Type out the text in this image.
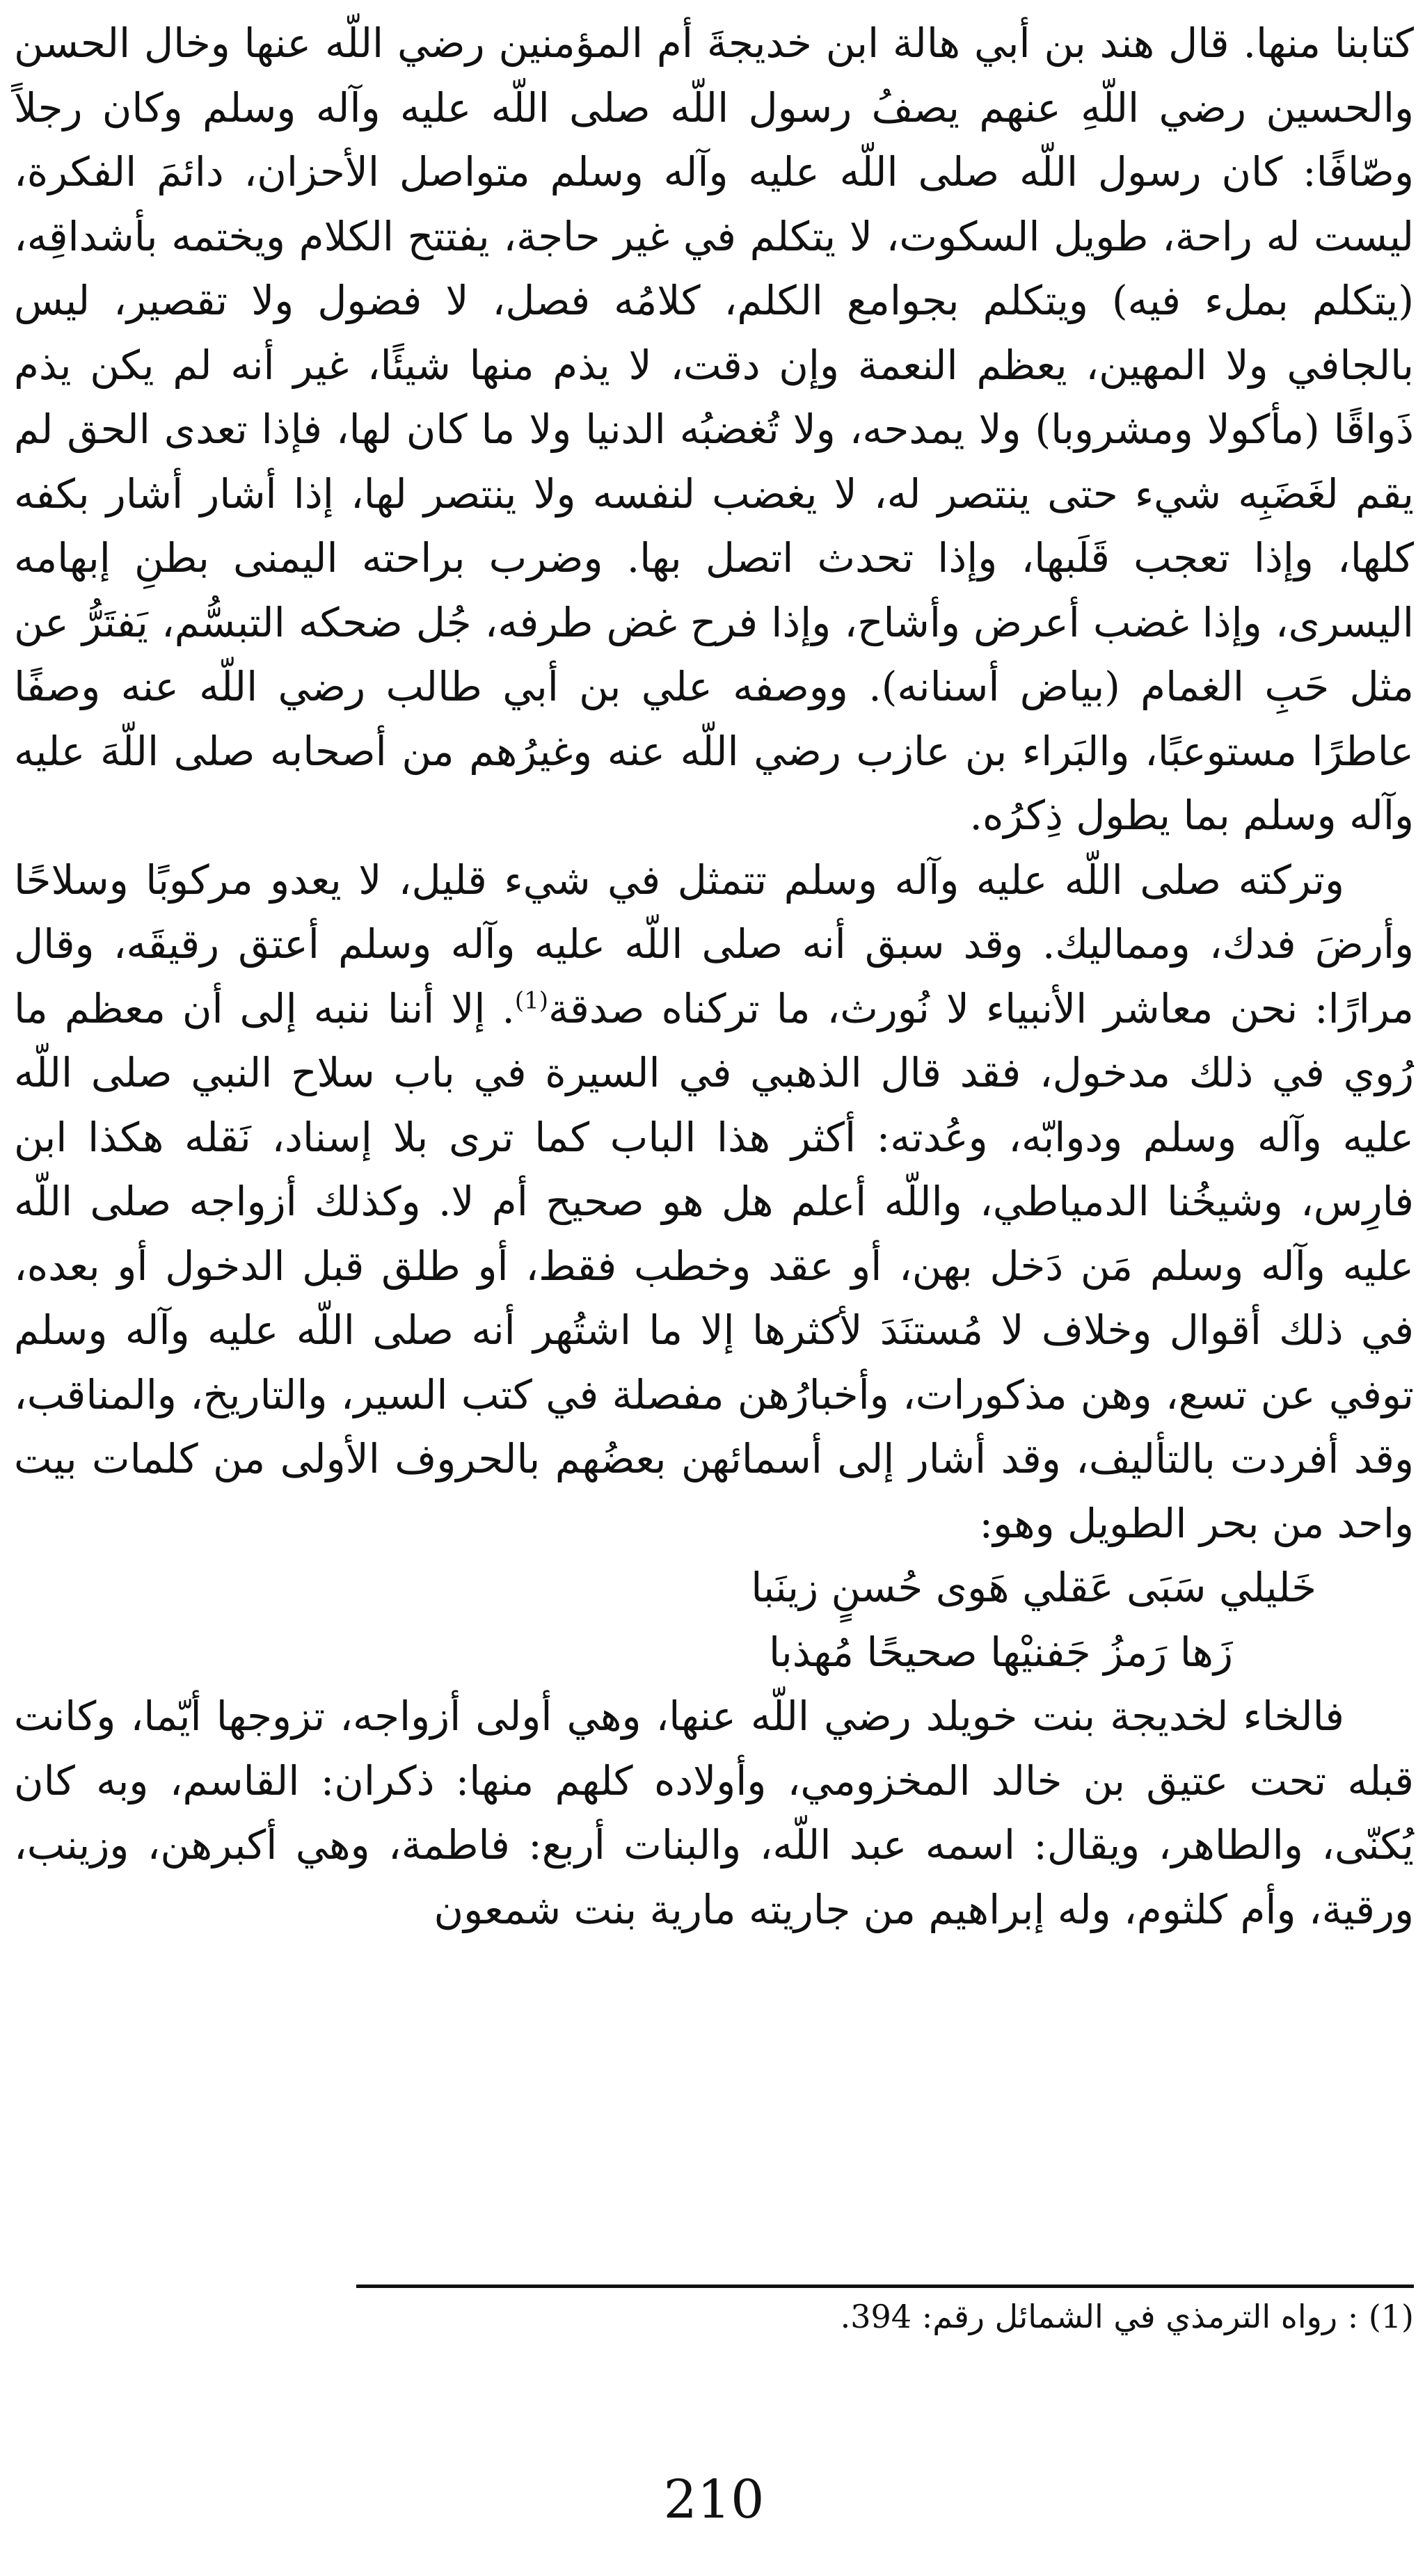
كتابنا منها. قال هند بن أبي هالة ابن خديجةَ أم المؤمنين رضي اللّه عنها وخال الحسن والحسين رضي اللّهِ عنهم يصفُ رسول اللّه صلى اللّه عليه وآله وسلم وكان رجلاً وصّافًا: كان رسول اللّه صلى اللّه عليه وآله وسلم متواصل الأحزان، دائمَ الفكرة، ليست له راحة، طويل السكوت، لا يتكلم في غير حاجة، يفتتح الكلام ويختمه بأشداقِه، (يتكلم بملء فيه) ويتكلم بجوامع الكلم، كلامُه فصل، لا فضول ولا تقصير، ليس بالجافي ولا المهين، يعظم النعمة وإن دقت، لا يذم منها شيئًا، غير أنه لم يكن يذم ذَواقًا (مأكولا ومشروبا) ولا يمدحه، ولا تُغضبُه الدنيا ولا ما كان لها، فإذا تعدى الحق لم يقم لغَضَبِه شيء حتى ينتصر له، لا يغضب لنفسه ولا ينتصر لها، إذا أشار أشار بكفه كلها، وإذا تعجب قَلَبها، وإذا تحدث اتصل بها. وضرب براحته اليمنى بطنِ إبهامه اليسرى، وإذا غضب أعرض وأشاح، وإذا فرح غض طرفه، جُل ضحكه التبسُّم، يَفتَرُّ عن مثل حَبِ الغمام (بياض أسنانه). ووصفه علي بن أبي طالب رضي اللّه عنه وصفًا عاطرًا مستوعبًا، والبَراء بن عازب رضي اللّه عنه وغيرُهم من أصحابه صلى اللّهَ عليه وآله وسلم بما يطول ذِكرُه.

وتركته صلى اللّه عليه وآله وسلم تتمثل في شيء قليل، لا يعدو مركوبًا وسلاحًا وأرضَ فدك، ومماليك. وقد سبق أنه صلى اللّه عليه وآله وسلم أعتق رقيقَه، وقال مرارًا: نحن معاشر الأنبياء لا نُورث، ما تركناه صدقة$^{(1)}$. إلا أننا ننبه إلى أن معظم ما رُوي في ذلك مدخول، فقد قال الذهبي في السيرة في باب سلاح النبي صلى اللّه عليه وآله وسلم ودوابّه، وعُدته: أكثر هذا الباب كما ترى بلا إسناد، نَقله هكذا ابن فارِس، وشيخُنا الدمياطي، واللّه أعلم هل هو صحيح أم لا. وكذلك أزواجه صلى اللّه عليه وآله وسلم مَن دَخل بهن، أو عقد وخطب فقط، أو طلق قبل الدخول أو بعده، في ذلك أقوال وخلاف لا مُستنَدَ لأكثرها إلا ما اشتُهر أنه صلى اللّه عليه وآله وسلم توفي عن تسع، وهن مذكورات، وأخبارُهن مفصلة في كتب السير، والتاريخ، والمناقب، وقد أفردت بالتأليف، وقد أشار إلى أسمائهن بعضُهم بالحروف الأولى من كلمات بيت واحد من بحر الطويل وهو:

خَليلي سَبَى عَقلي هَوى حُسنٍ زينَبا

زَها رَمزُ جَفنيْها صحيحًا مُهذبا

فالخاء لخديجة بنت خويلد رضي اللّه عنها، وهي أولى أزواجه، تزوجها أيّما، وكانت قبله تحت عتيق بن خالد المخزومي، وأولاده كلهم منها: ذكران: القاسم، وبه كان يُكنّى، والطاهر، ويقال: اسمه عبد اللّه، والبنات أربع: فاطمة، وهي أكبرهن، وزينب، ورقية، وأم كلثوم، وله إبراهيم من جاريته مارية بنت شمعون

(1) : رواه الترمذي في الشمائل رقم: 394.
210
